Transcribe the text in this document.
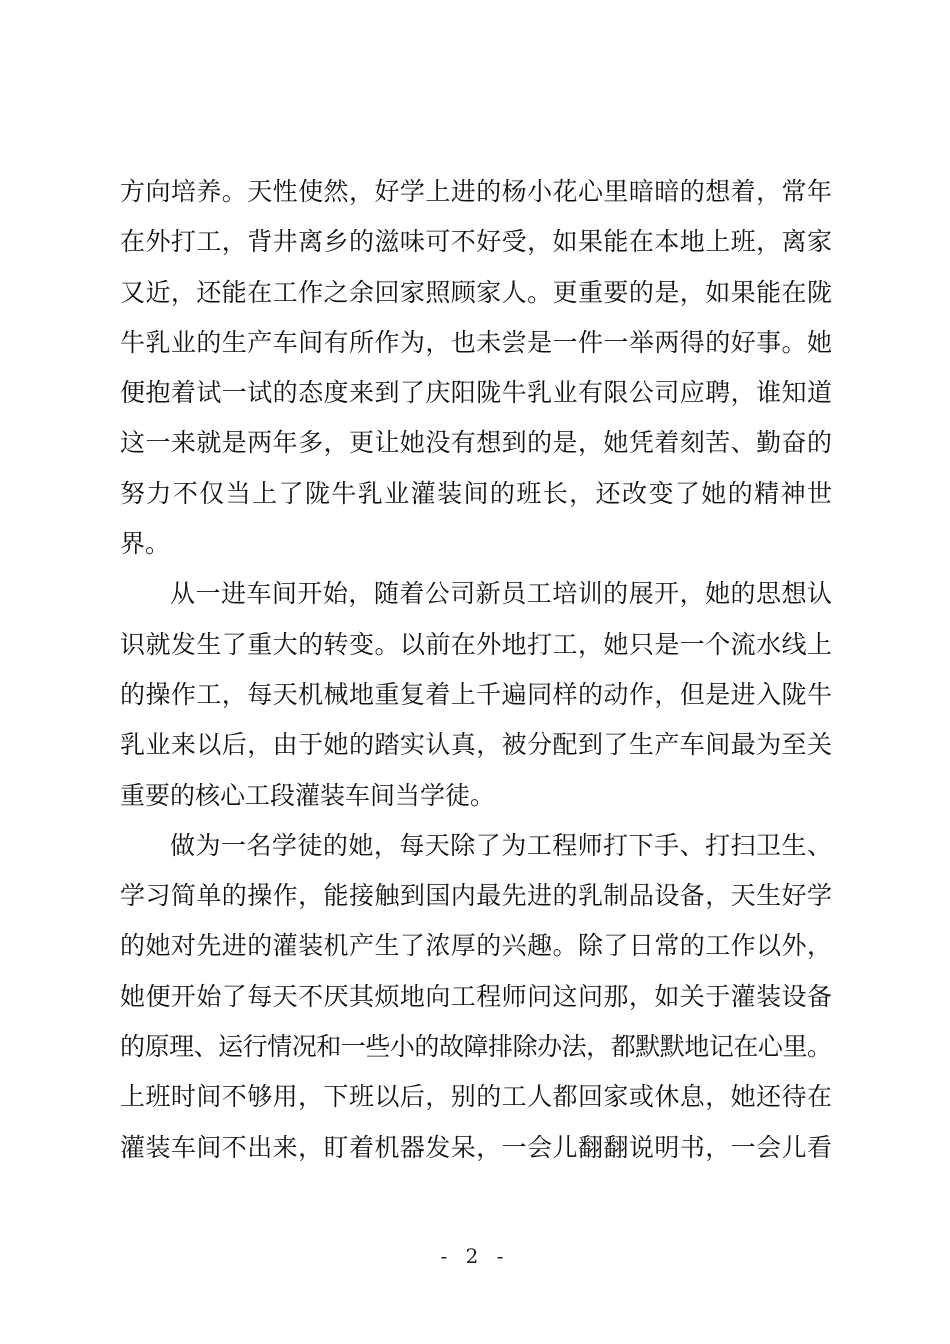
方向培养。天性使然，好学上进的杨小花心里暗暗的想着，常年
在外打工，背井离乡的滋味可不好受，如果能在本地上班，离家
又近，还能在工作之余回家照顾家人。更重要的是，如果能在陇
牛乳业的生产车间有所作为，也未尝是一件一举两得的好事。她
便抱着试一试的态度来到了庆阳陇牛乳业有限公司应聘，谁知道
这一来就是两年多，更让她没有想到的是，她凭着刻苦、勤奋的
努力不仅当上了陇牛乳业灌装间的班长，还改变了她的精神世
界。
从一进车间开始，随着公司新员工培训的展开，她的思想认
识就发生了重大的转变。以前在外地打工，她只是一个流水线上
的操作工，每天机械地重复着上千遍同样的动作，但是进入陇牛
乳业来以后，由于她的踏实认真，被分配到了生产车间最为至关
重要的核心工段灌装车间当学徒。
做为一名学徒的她，每天除了为工程师打下手、打扫卫生、
学习简单的操作，能接触到国内最先进的乳制品设备，天生好学
的她对先进的灌装机产生了浓厚的兴趣。除了日常的工作以外，
她便开始了每天不厌其烦地向工程师问这问那，如关于灌装设备
的原理、运行情况和一些小的故障排除办法，都默默地记在心里。
上班时间不够用，下班以后，别的工人都回家或休息，她还待在
灌装车间不出来，盯着机器发呆，一会儿翻翻说明书，一会儿看
- 2 -
